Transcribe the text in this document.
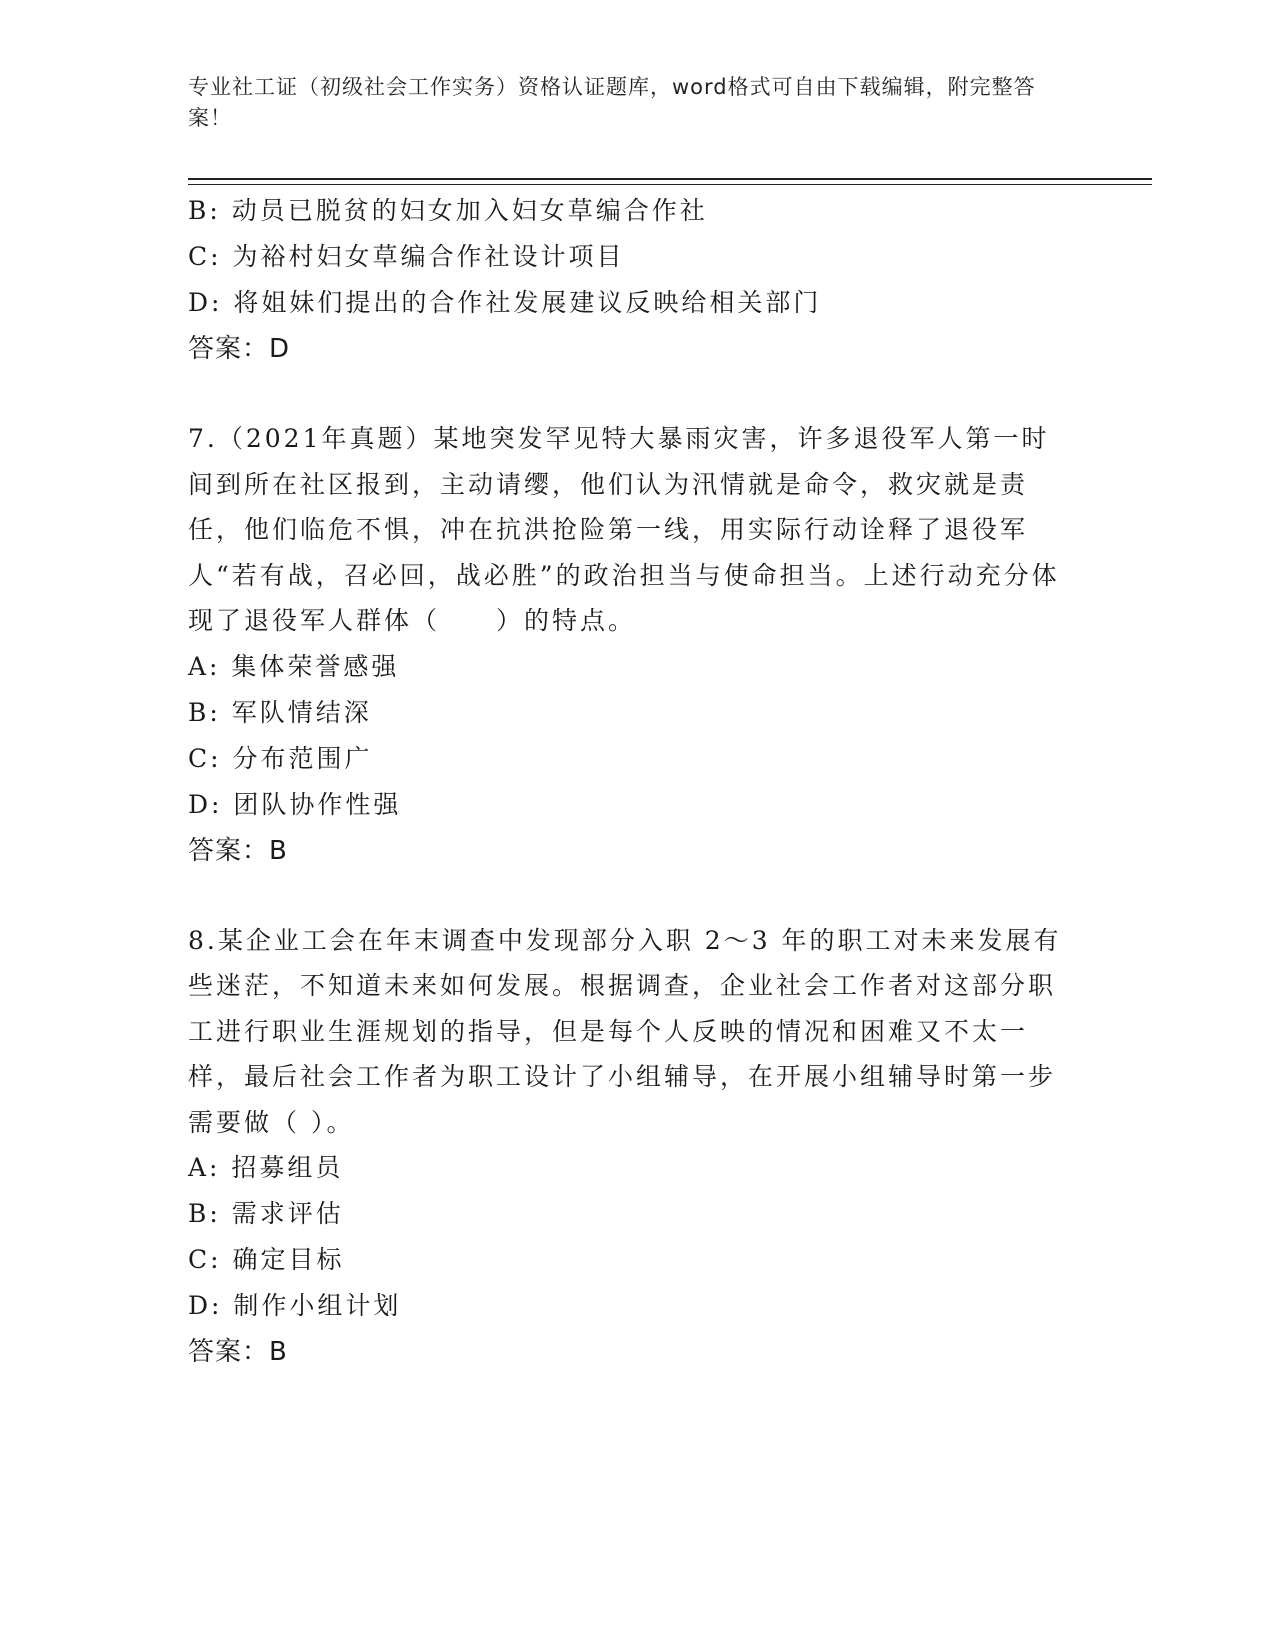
专业社工证（初级社会工作实务）资格认证题库，word格式可自由下载编辑，附完整答案！

B: 动员已脱贫的妇女加入妇女草编合作社

C: 为裕村妇女草编合作社设计项目

D: 将姐妹们提出的合作社发展建议反映给相关部门

答案：D

7.（2021年真题）某地突发罕见特大暴雨灾害，许多退役军人第一时间到所在社区报到，主动请缨，他们认为汛情就是命令，救灾就是责任，他们临危不惧，冲在抗洪抢险第一线，用实际行动诠释了退役军人“若有战，召必回，战必胜”的政治担当与使命担当。上述行动充分体现了退役军人群体（　　）的特点。

A: 集体荣誉感强

B: 军队情结深

C: 分布范围广

D: 团队协作性强

答案：B

8.某企业工会在年末调查中发现部分入职 2～3 年的职工对未来发展有些迷茫，不知道未来如何发展。根据调查，企业社会工作者对这部分职工进行职业生涯规划的指导，但是每个人反映的情况和困难又不太一样，最后社会工作者为职工设计了小组辅导，在开展小组辅导时第一步需要做（ ）。

A: 招募组员

B: 需求评估

C: 确定目标

D: 制作小组计划

答案：B
